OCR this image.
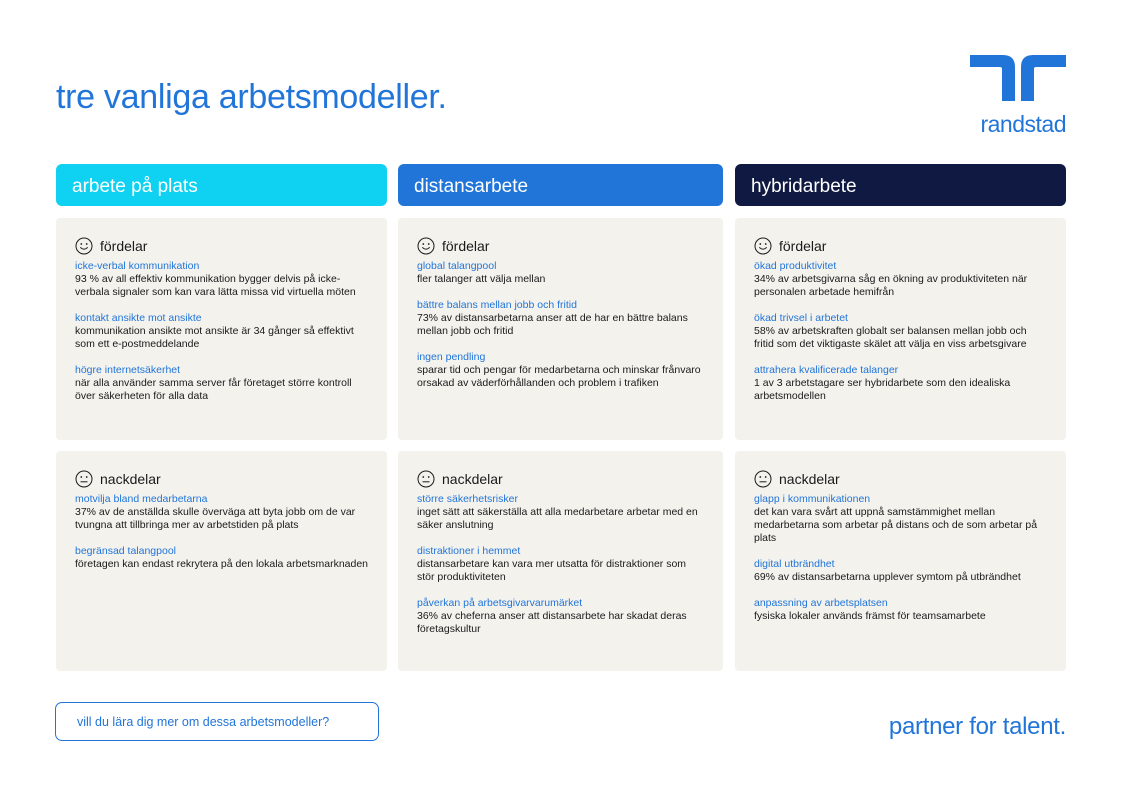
tre vanliga arbetsmodeller.
randstad
arbete på plats	distansarbete	hybridarbete
fördelar
icke-verbal kommunikation
93 % av all effektiv kommunikation bygger delvis på icke-verbala signaler som kan vara lätta missa vid virtuella möten
kontakt ansikte mot ansikte
kommunikation ansikte mot ansikte är 34 gånger så effektivt som ett e-postmeddelande
högre internetsäkerhet
när alla använder samma server får företaget större kontroll över säkerheten för alla data
nackdelar
motvilja bland medarbetarna
37% av de anställda skulle överväga att byta jobb om de var tvungna att tillbringa mer av arbetstiden på plats
begränsad talangpool
företagen kan endast rekrytera på den lokala arbetsmarknaden
fördelar
global talangpool
fler talanger att välja mellan
bättre balans mellan jobb och fritid
73% av distansarbetarna anser att de har en bättre balans mellan jobb och fritid
ingen pendling
sparar tid och pengar för medarbetarna och minskar frånvaro orsakad av väderförhållanden och problem i trafiken
nackdelar
större säkerhetsrisker
inget sätt att säkerställa att alla medarbetare arbetar med en säker anslutning
distraktioner i hemmet
distansarbetare kan vara mer utsatta för distraktioner som stör produktiviteten
påverkan på arbetsgivarvarumärket
36% av cheferna anser att distansarbete har skadat deras företagskultur
fördelar
ökad produktivitet
34% av arbetsgivarna såg en ökning av produktiviteten när personalen arbetade hemifrån
ökad trivsel i arbetet
58% av arbetskraften globalt ser balansen mellan jobb och fritid som det viktigaste skälet att välja en viss arbetsgivare
attrahera kvalificerade talanger
1 av 3 arbetstagare ser hybridarbete som den idealiska arbetsmodellen
nackdelar
glapp i kommunikationen
det kan vara svårt att uppnå samstämmighet mellan medarbetarna som arbetar på distans och de som arbetar på plats
digital utbrändhet
69% av distansarbetarna upplever symtom på utbrändhet
anpassning av arbetsplatsen
fysiska lokaler används främst för teamsamarbete
vill du lära dig mer om dessa arbetsmodeller?	partner for talent.
